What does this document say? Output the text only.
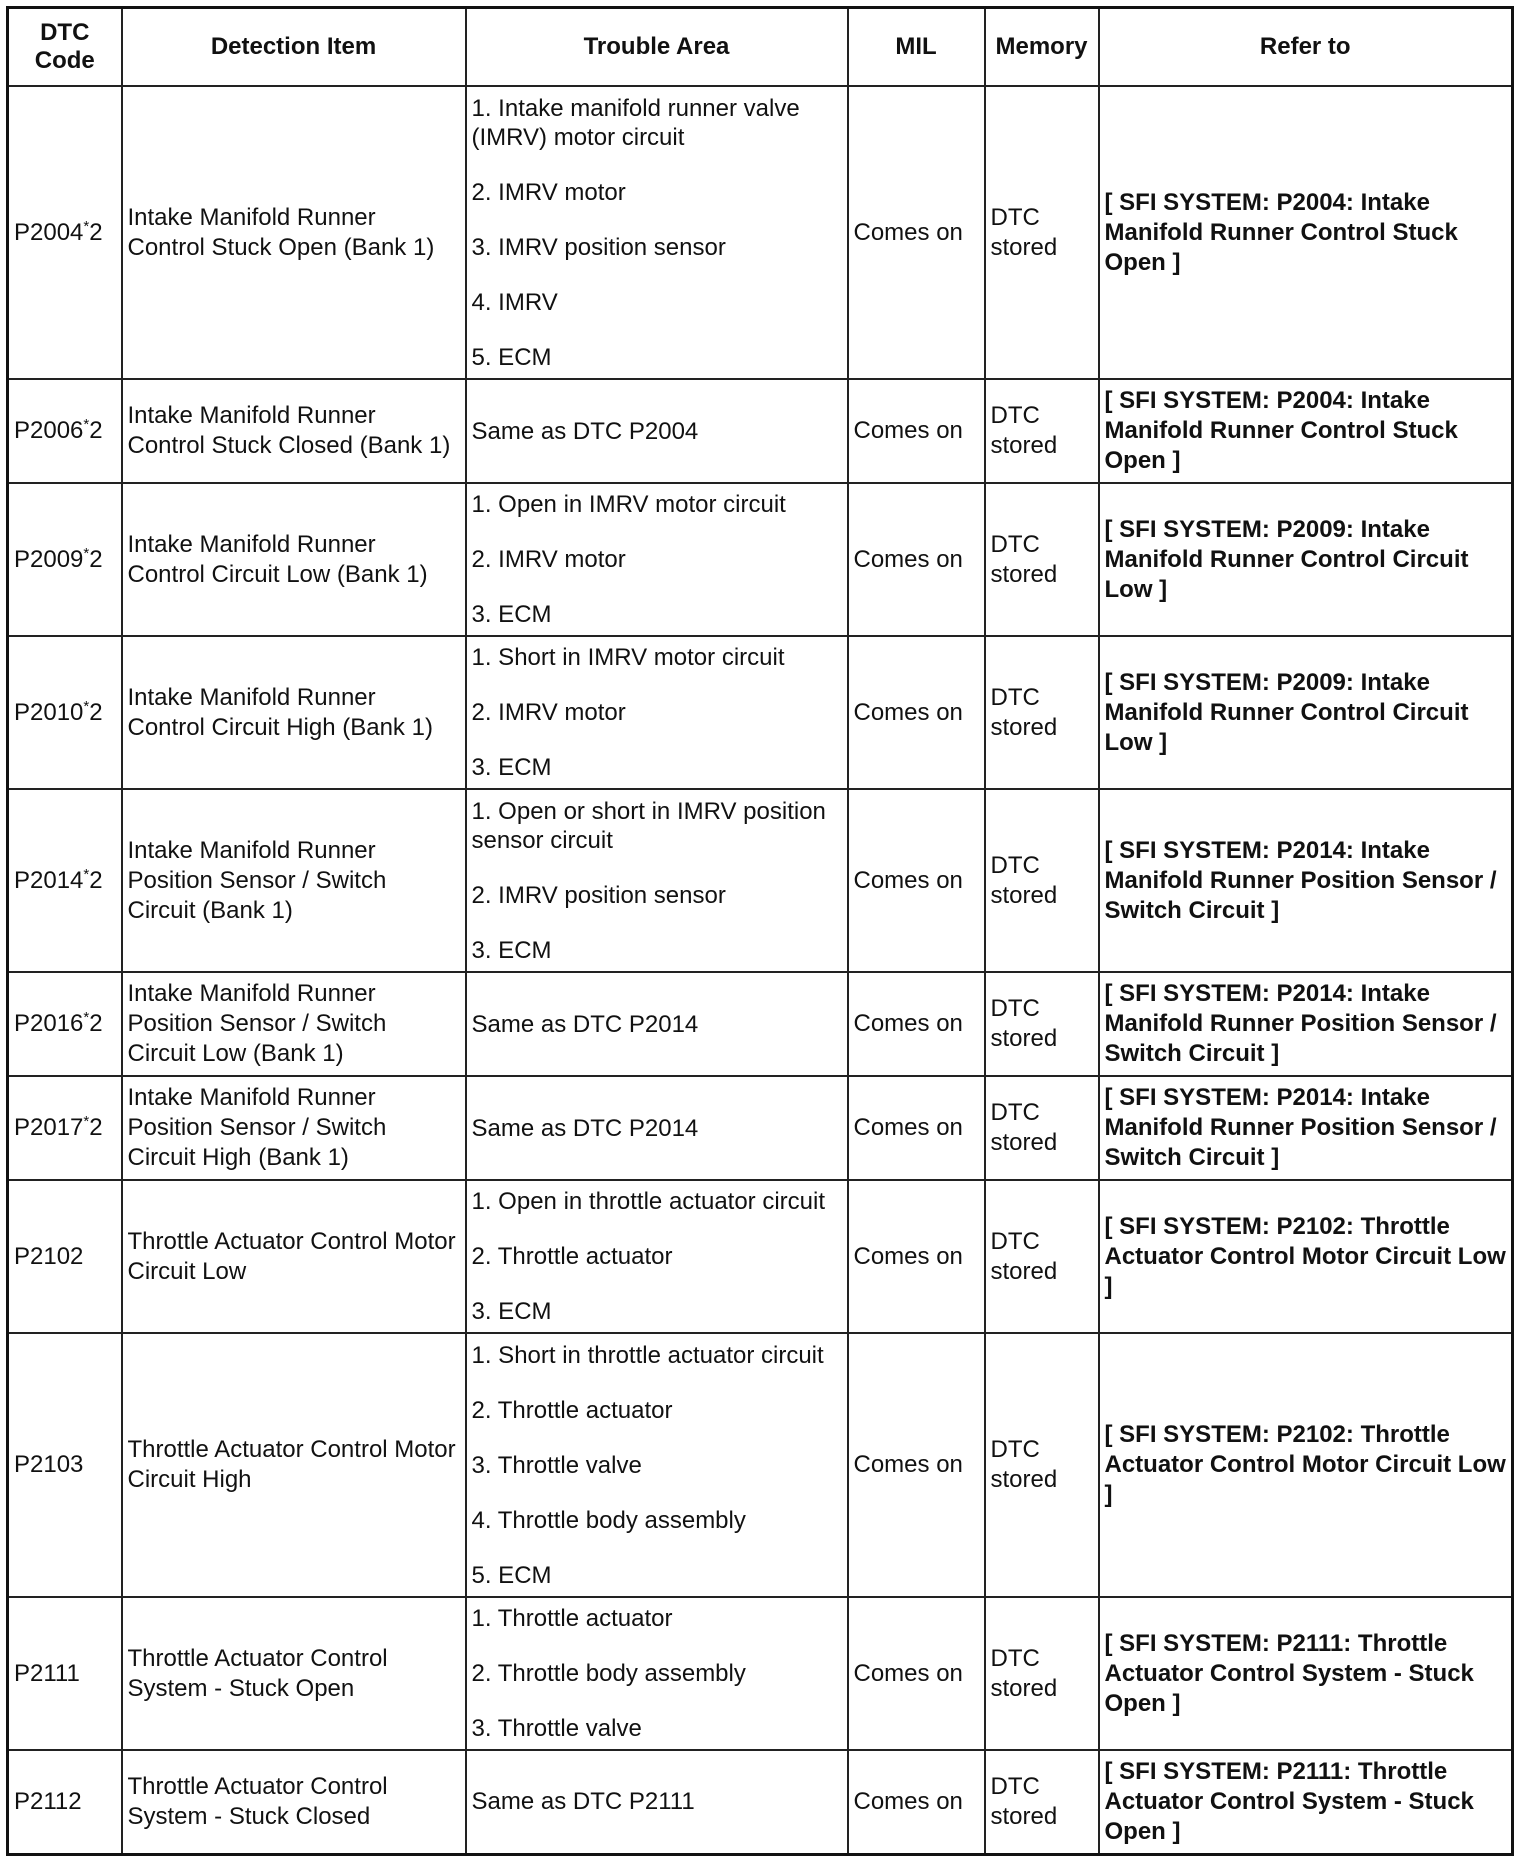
DTC Code	Detection Item	Trouble Area	MIL	Memory	Refer to
P2004*2	Intake Manifold Runner Control Stuck Open (Bank 1)	1. Intake manifold runner valve (IMRV) motor circuit
2. IMRV motor
3. IMRV position sensor
4. IMRV
5. ECM	Comes on	DTC stored	[ SFI SYSTEM: P2004: Intake Manifold Runner Control Stuck Open ]
P2006*2	Intake Manifold Runner Control Stuck Closed (Bank 1)	Same as DTC P2004	Comes on	DTC stored	[ SFI SYSTEM: P2004: Intake Manifold Runner Control Stuck Open ]
P2009*2	Intake Manifold Runner Control Circuit Low (Bank 1)	1. Open in IMRV motor circuit
2. IMRV motor
3. ECM	Comes on	DTC stored	[ SFI SYSTEM: P2009: Intake Manifold Runner Control Circuit Low ]
P2010*2	Intake Manifold Runner Control Circuit High (Bank 1)	1. Short in IMRV motor circuit
2. IMRV motor
3. ECM	Comes on	DTC stored	[ SFI SYSTEM: P2009: Intake Manifold Runner Control Circuit Low ]
P2014*2	Intake Manifold Runner Position Sensor / Switch Circuit (Bank 1)	1. Open or short in IMRV position sensor circuit
2. IMRV position sensor
3. ECM	Comes on	DTC stored	[ SFI SYSTEM: P2014: Intake Manifold Runner Position Sensor / Switch Circuit ]
P2016*2	Intake Manifold Runner Position Sensor / Switch Circuit Low (Bank 1)	Same as DTC P2014	Comes on	DTC stored	[ SFI SYSTEM: P2014: Intake Manifold Runner Position Sensor / Switch Circuit ]
P2017*2	Intake Manifold Runner Position Sensor / Switch Circuit High (Bank 1)	Same as DTC P2014	Comes on	DTC stored	[ SFI SYSTEM: P2014: Intake Manifold Runner Position Sensor / Switch Circuit ]
P2102	Throttle Actuator Control Motor Circuit Low	1. Open in throttle actuator circuit
2. Throttle actuator
3. ECM	Comes on	DTC stored	[ SFI SYSTEM: P2102: Throttle Actuator Control Motor Circuit Low ]
P2103	Throttle Actuator Control Motor Circuit High	1. Short in throttle actuator circuit
2. Throttle actuator
3. Throttle valve
4. Throttle body assembly
5. ECM	Comes on	DTC stored	[ SFI SYSTEM: P2102: Throttle Actuator Control Motor Circuit Low ]
P2111	Throttle Actuator Control System - Stuck Open	1. Throttle actuator
2. Throttle body assembly
3. Throttle valve	Comes on	DTC stored	[ SFI SYSTEM: P2111: Throttle Actuator Control System - Stuck Open ]
P2112	Throttle Actuator Control System - Stuck Closed	Same as DTC P2111	Comes on	DTC stored	[ SFI SYSTEM: P2111: Throttle Actuator Control System - Stuck Open ]
